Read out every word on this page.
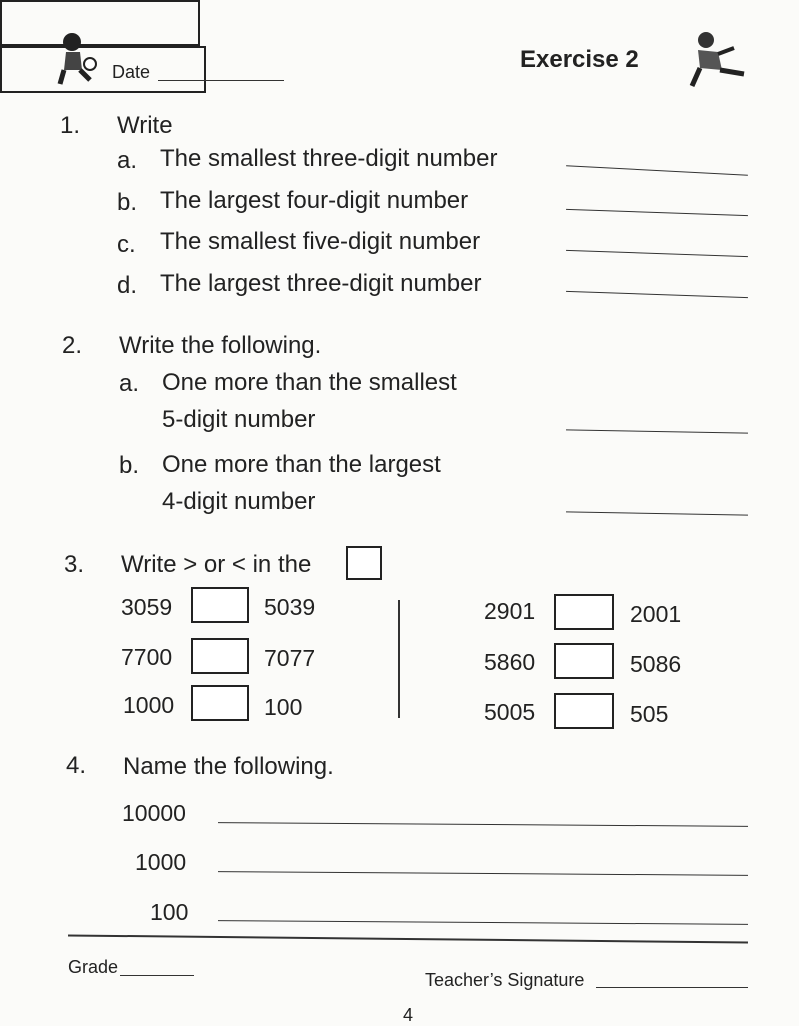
Date	Exercise 2
1. Write
a. The smallest three-digit number
b. The largest four-digit number
c. The smallest five-digit number
d. The largest three-digit number
2. Write the following.
a. One more than the smallest
5-digit number
b. One more than the largest
4-digit number
3. Write > or < in the
3059	5039
7700	7077
1000	100
2901	2001
5860	5086
5005	505
4. Name the following.
10000
1000
100
Grade
Teacher’s Signature
4
